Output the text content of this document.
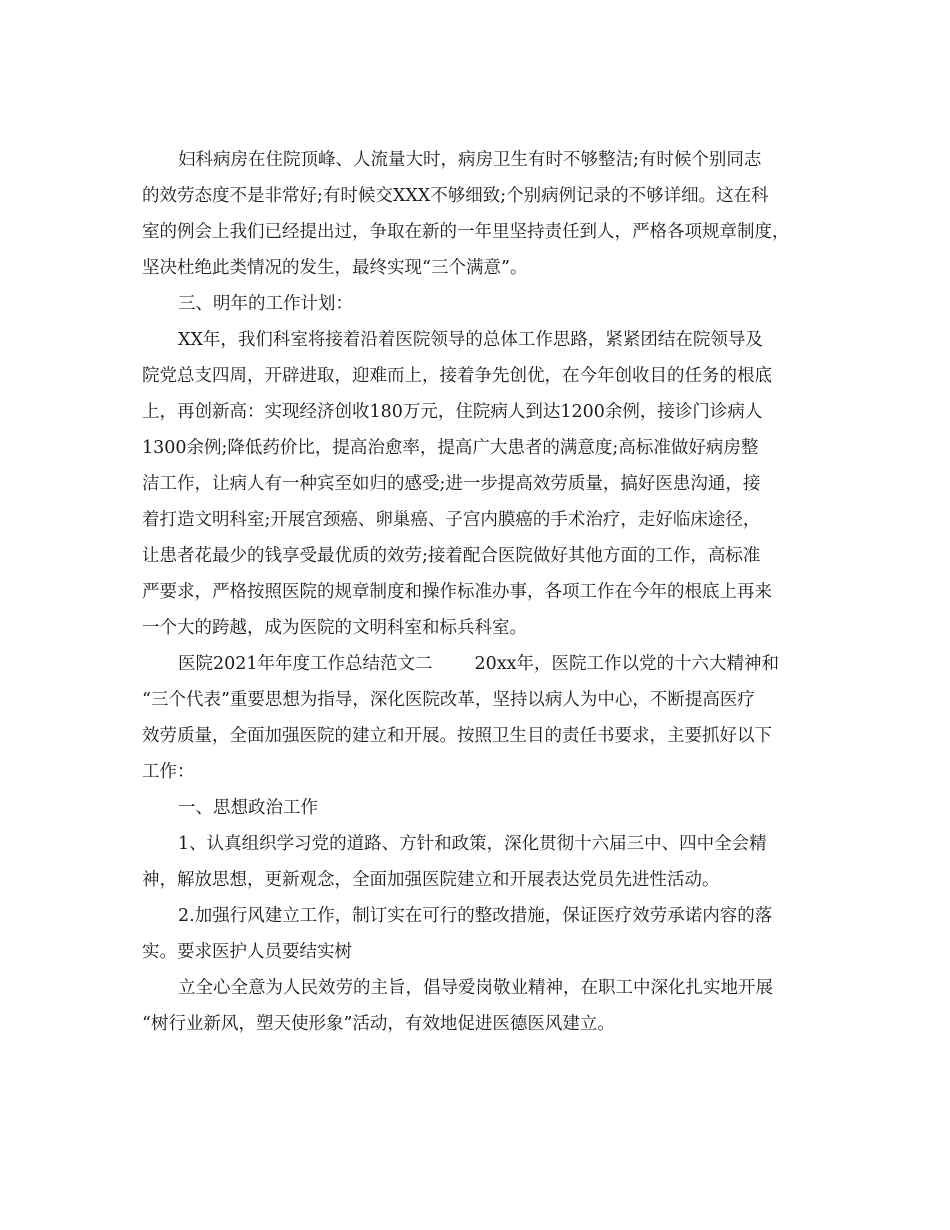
妇科病房在住院顶峰、人流量大时，病房卫生有时不够整洁;有时候个别同志
的效劳态度不是非常好;有时候交XXX不够细致;个别病例记录的不够详细。这在科
室的例会上我们已经提出过，争取在新的一年里坚持责任到人，严格各项规章制度，
坚决杜绝此类情况的发生，最终实现“三个满意”。
三、明年的工作计划：
XX年，我们科室将接着沿着医院领导的总体工作思路，紧紧团结在院领导及
院党总支四周，开辟进取，迎难而上，接着争先创优，在今年创收目的任务的根底
上，再创新高：实现经济创收180万元，住院病人到达1200余例，接诊门诊病人
1300余例;降低药价比，提高治愈率，提高广大患者的满意度;高标准做好病房整
洁工作，让病人有一种宾至如归的感受;进一步提高效劳质量，搞好医患沟通，接
着打造文明科室;开展宫颈癌、卵巢癌、子宫内膜癌的手术治疗，走好临床途径，
让患者花最少的钱享受最优质的效劳;接着配合医院做好其他方面的工作，高标准
严要求，严格按照医院的规章制度和操作标准办事，各项工作在今年的根底上再来
一个大的跨越，成为医院的文明科室和标兵科室。
医院2021年年度工作总结范文二 20xx年，医院工作以党的十六大精神和
“三个代表”重要思想为指导，深化医院改革，坚持以病人为中心，不断提高医疗
效劳质量，全面加强医院的建立和开展。按照卫生目的责任书要求，主要抓好以下
工作：
一、思想政治工作
1、认真组织学习党的道路、方针和政策，深化贯彻十六届三中、四中全会精
神，解放思想，更新观念，全面加强医院建立和开展表达党员先进性活动。
2.加强行风建立工作，制订实在可行的整改措施，保证医疗效劳承诺内容的落
实。要求医护人员要结实树
立全心全意为人民效劳的主旨，倡导爱岗敬业精神，在职工中深化扎实地开展
“树行业新风，塑天使形象”活动，有效地促进医德医风建立。
